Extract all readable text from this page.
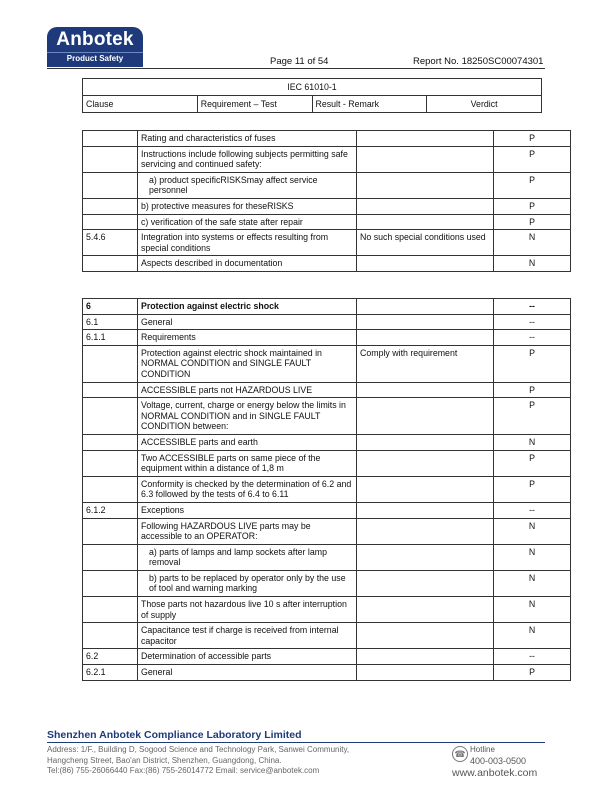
Anbotek
Product Safety	Page 11 of 54	Report No. 18250SC00074301
IEC 61010-1
Clause	Requirement – Test	Result - Remark	Verdict
	Rating and characteristics of fuses		P
	Instructions include following subjects permitting safe servicing and continued safety:		P
	a) product specificRISKSmay affect service personnel		P
	b) protective measures for theseRISKS		P
	c) verification of the safe state after repair		P
5.4.6	Integration into systems or effects resulting from special conditions	No such special conditions used	N
	Aspects described in documentation		N
6	Protection against electric shock		--
6.1	General		--
6.1.1	Requirements		--
	Protection against electric shock maintained in NORMAL CONDITION and SINGLE FAULT CONDITION	Comply with requirement	P
	ACCESSIBLE parts not HAZARDOUS LIVE		P
	Voltage, current, charge or energy below the limits in NORMAL CONDITION and in SINGLE FAULT CONDITION between:		P
	ACCESSIBLE parts and earth		N
	Two ACCESSIBLE parts on same piece of the equipment within a distance of 1,8 m		P
	Conformity is checked by the determination of 6.2 and 6.3 followed by the tests of 6.4 to 6.11		P
6.1.2	Exceptions		--
	Following HAZARDOUS LIVE parts may be accessible to an OPERATOR:		N
	a) parts of lamps and lamp sockets after lamp removal		N
	b) parts to be replaced by operator only by the use of tool and warning marking		N
	Those parts not hazardous live 10 s after interruption of supply		N
	Capacitance test if charge is received from internal capacitor		N
6.2	Determination of accessible parts		--
6.2.1	General		P
Shenzhen Anbotek Compliance Laboratory Limited
Address: 1/F., Building D, Sogood Science and Technology Park, Sanwei Community,
Hangcheng Street, Bao'an District, Shenzhen, Guangdong, China.
Tel:(86) 755-26066440 Fax:(86) 755-26014772 Email: service@anbotek.com
☎ Hotline
400-003-0500
www.anbotek.com
